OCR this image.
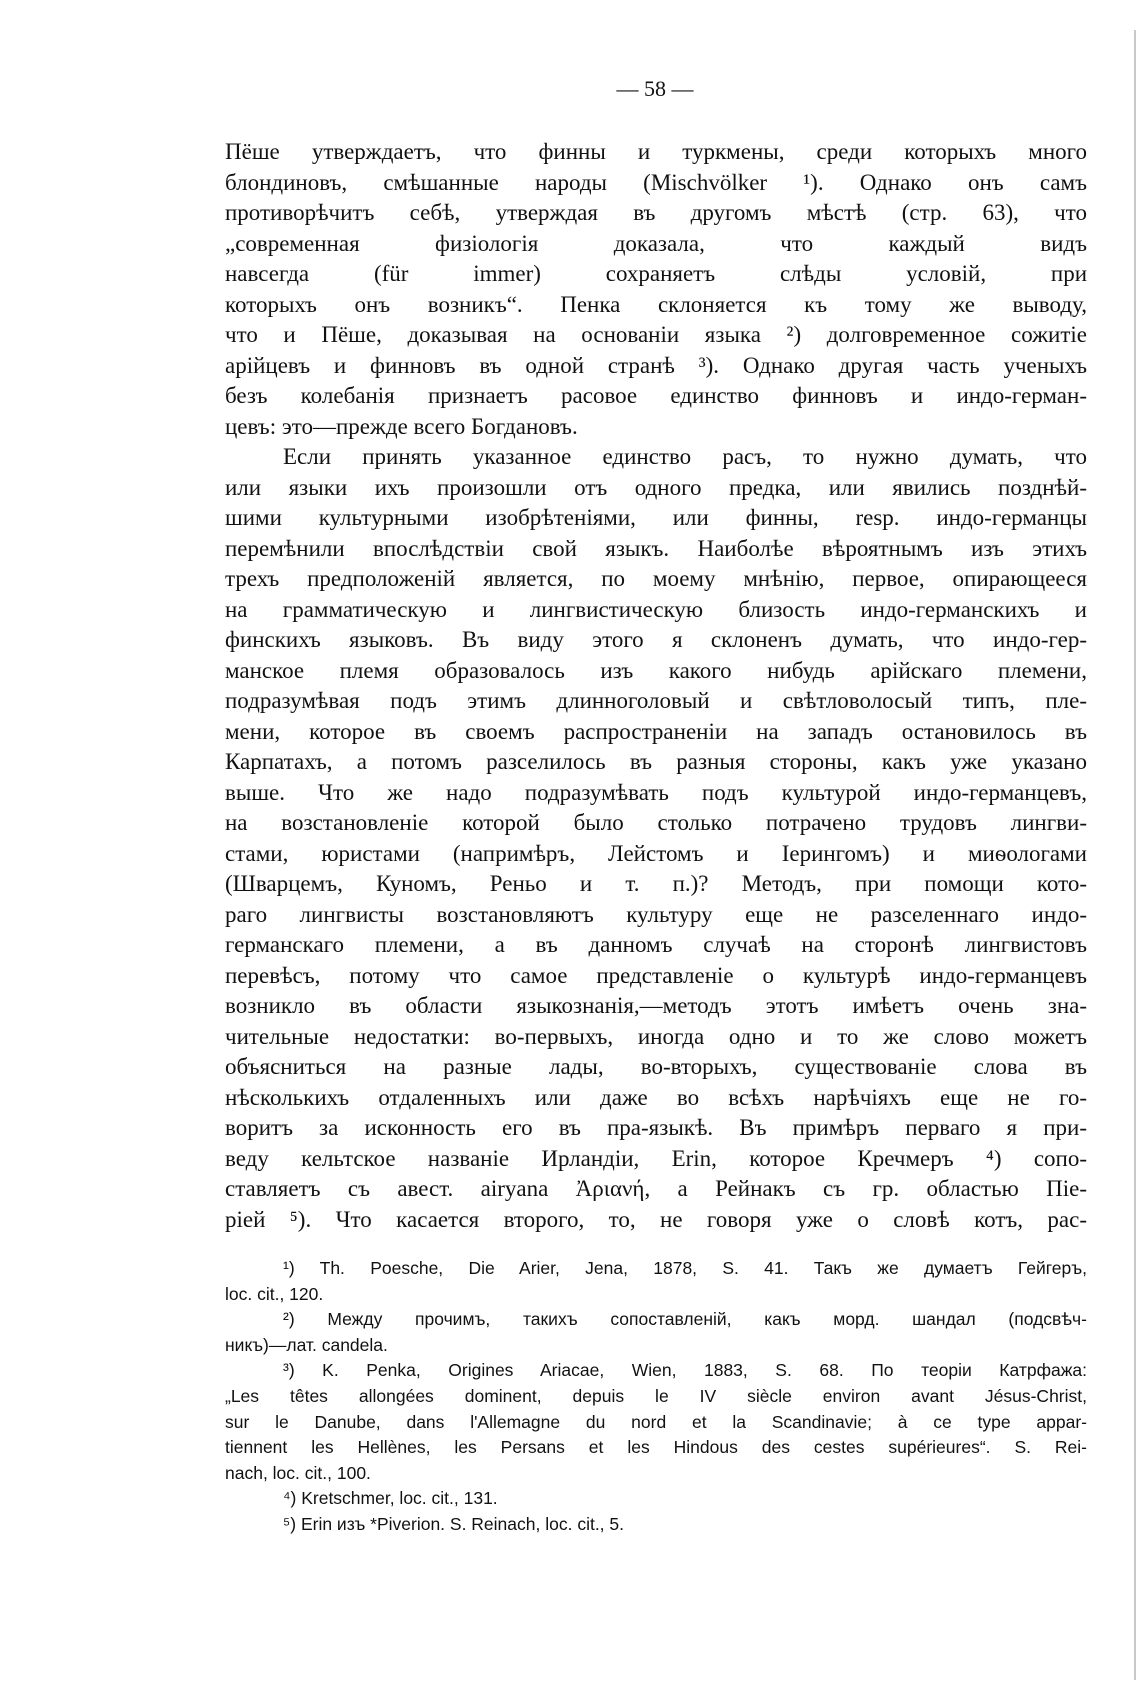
— 58 —
Пёше утверждаетъ, что финны и туркмены, среди которыхъ много
блондиновъ, смѣшанные народы (Mischvölker ¹). Однако онъ самъ
противорѣчитъ себѣ, утверждая въ другомъ мѣстѣ (стр. 63), что
„современная физіологія доказала, что каждый видъ
навсегда (für immer) сохраняетъ слѣды условій, при
которыхъ онъ возникъ“. Пенка склоняется къ тому же выводу,
что и Пёше, доказывая на основаніи языка ²) долговременное сожитіе
арійцевъ и финновъ въ одной странѣ ³). Однако другая часть ученыхъ
безъ колебанія признаетъ расовое единство финновъ и индо-герман-
цевъ: это—прежде всего Богдановъ.
Если принять указанное единство расъ, то нужно думать, что
или языки ихъ произошли отъ одного предка, или явились позднѣй-
шими культурными изобрѣтеніями, или финны, resp. индо-германцы
перемѣнили впослѣдствіи свой языкъ. Наиболѣе вѣроятнымъ изъ этихъ
трехъ предположеній является, по моему мнѣнію, первое, опирающееся
на грамматическую и лингвистическую близость индо-германскихъ и
финскихъ языковъ. Въ виду этого я склоненъ думать, что индо-гер-
манское племя образовалось изъ какого нибудь арійскаго племени,
подразумѣвая подъ этимъ длинноголовый и свѣтловолосый типъ, пле-
мени, которое въ своемъ распространеніи на западъ остановилось въ
Карпатахъ, а потомъ разселилось въ разныя стороны, какъ уже указано
выше. Что же надо подразумѣвать подъ культурой индо-германцевъ,
на возстановленіе которой было столько потрачено трудовъ лингви-
стами, юристами (напримѣръ, Лейстомъ и Іерингомъ) и миѳологами
(Шварцемъ, Куномъ, Реньо и т. п.)? Методъ, при помощи кото-
раго лингвисты возстановляютъ культуру еще не разселеннаго индо-
германскаго племени, а въ данномъ случаѣ на сторонѣ лингвистовъ
перевѣсъ, потому что самое представленіе о культурѣ индо-германцевъ
возникло въ области языкознанія,—методъ этотъ имѣетъ очень зна-
чительные недостатки: во-первыхъ, иногда одно и то же слово можетъ
объясниться на разные лады, во-вторыхъ, существованіе слова въ
нѣсколькихъ отдаленныхъ или даже во всѣхъ нарѣчіяхъ еще не го-
воритъ за исконность его въ пра-языкѣ. Въ примѣръ перваго я при-
веду кельтское названіе Ирландіи, Erin, которое Кречмеръ ⁴) сопо-
ставляетъ съ авест. airyana Ἀριανή, а Рейнакъ съ гр. областью Піе-
ріей ⁵). Что касается второго, то, не говоря уже о словѣ котъ, рас-
¹) Th. Poesche, Die Arier, Jena, 1878, S. 41. Такъ же думаетъ Гейгеръ,
loc. cit., 120.
²) Между прочимъ, такихъ сопоставленій, какъ морд. шандал (подсвѣч-
никъ)—лат. candela.
³) K. Penka, Origines Ariacae, Wien, 1883, S. 68. По теоріи Катрфажа:
„Les têtes allongées dominent, depuis le IV siècle environ avant Jésus-Christ,
sur le Danube, dans l'Allemagne du nord et la Scandinavie; à ce type appar-
tiennent les Hellènes, les Persans et les Hindous des cestes supérieures“. S. Rei-
nach, loc. cit., 100.
⁴) Kretschmer, loc. cit., 131.
⁵) Erin изъ *Piverion. S. Reinach, loc. cit., 5.
